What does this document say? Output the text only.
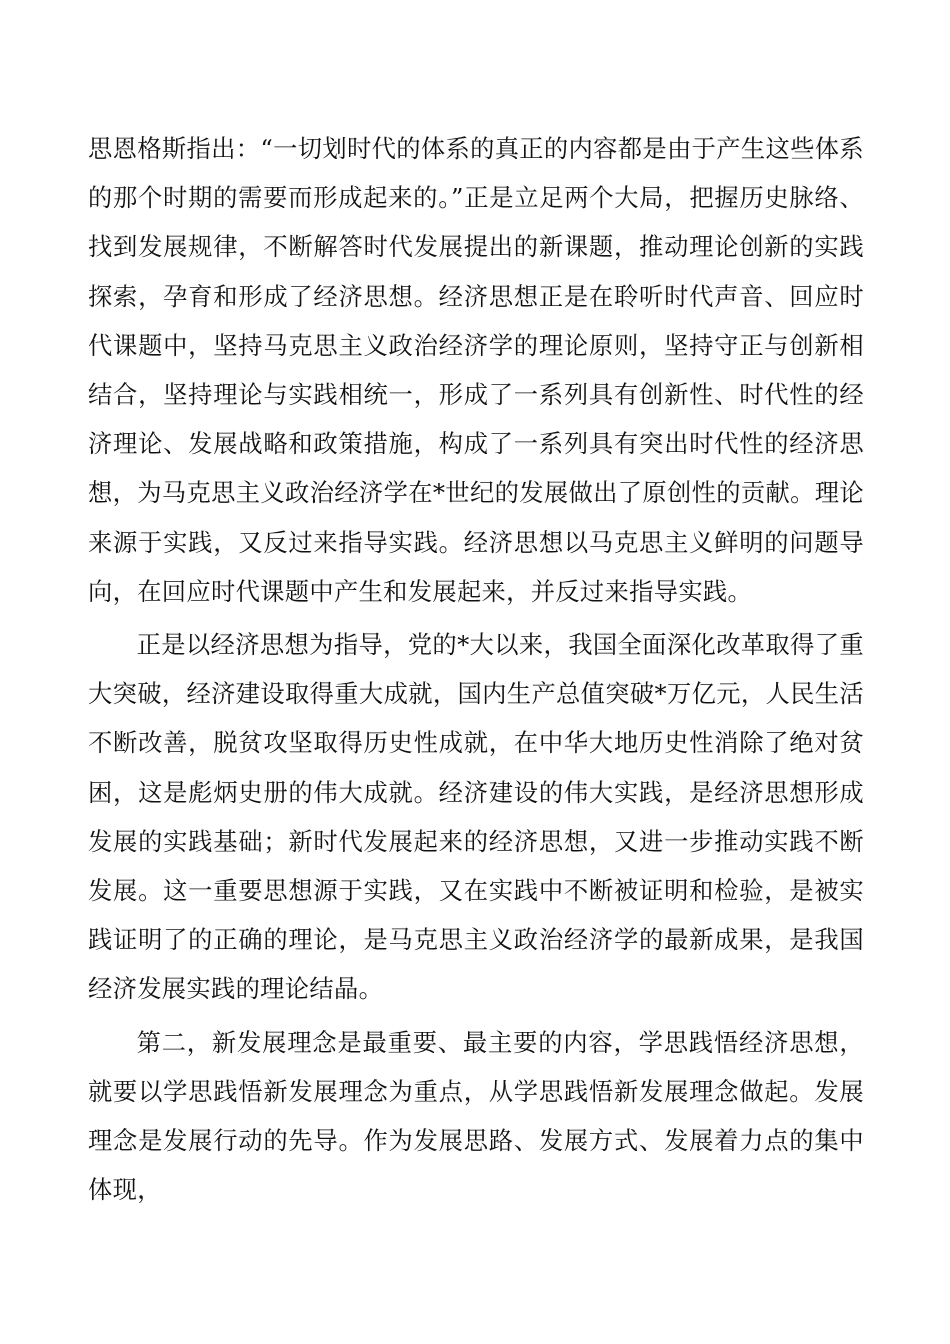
思恩格斯指出：“一切划时代的体系的真正的内容都是由于产生这些体系的那个时期的需要而形成起来的。”正是立足两个大局，把握历史脉络、找到发展规律，不断解答时代发展提出的新课题，推动理论创新的实践探索，孕育和形成了经济思想。经济思想正是在聆听时代声音、回应时代课题中，坚持马克思主义政治经济学的理论原则，坚持守正与创新相结合，坚持理论与实践相统一，形成了一系列具有创新性、时代性的经济理论、发展战略和政策措施，构成了一系列具有突出时代性的经济思想，为马克思主义政治经济学在*世纪的发展做出了原创性的贡献。理论来源于实践，又反过来指导实践。经济思想以马克思主义鲜明的问题导向，在回应时代课题中产生和发展起来，并反过来指导实践。

正是以经济思想为指导，党的*大以来，我国全面深化改革取得了重大突破，经济建设取得重大成就，国内生产总值突破*万亿元，人民生活不断改善，脱贫攻坚取得历史性成就，在中华大地历史性消除了绝对贫困，这是彪炳史册的伟大成就。经济建设的伟大实践，是经济思想形成发展的实践基础；新时代发展起来的经济思想，又进一步推动实践不断发展。这一重要思想源于实践，又在实践中不断被证明和检验，是被实践证明了的正确的理论，是马克思主义政治经济学的最新成果，是我国经济发展实践的理论结晶。

第二，新发展理念是最重要、最主要的内容，学思践悟经济思想，就要以学思践悟新发展理念为重点，从学思践悟新发展理念做起。发展理念是发展行动的先导。作为发展思路、发展方式、发展着力点的集中体现，
